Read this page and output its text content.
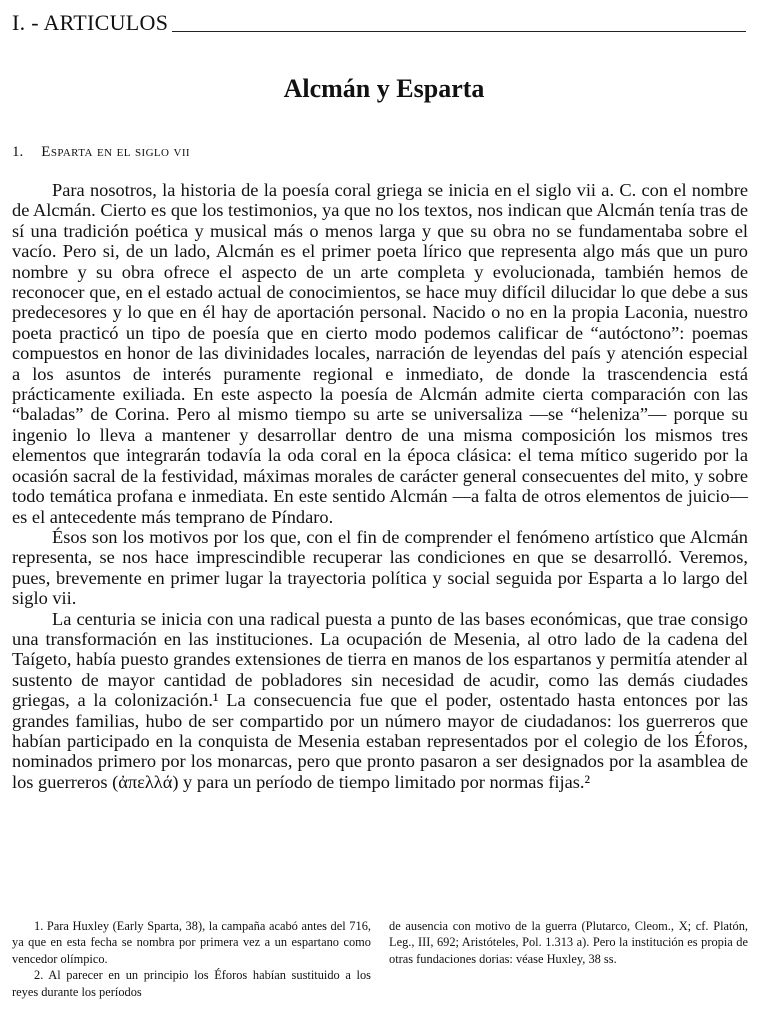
I. - ARTICULOS
Alcmán y Esparta
1. Esparta en el siglo vii

Para nosotros, la historia de la poesía coral griega se inicia en el siglo vii a. C. con el nombre de Alcmán. Cierto es que los testimonios, ya que no los textos, nos indican que Alcmán tenía tras de sí una tradición poética y musical más o menos larga y que su obra no se fundamentaba sobre el vacío. Pero si, de un lado, Alcmán es el primer poeta lírico que representa algo más que un puro nombre y su obra ofrece el aspecto de un arte completa y evolucionada, también hemos de reconocer que, en el estado actual de conocimientos, se hace muy difícil dilucidar lo que debe a sus predecesores y lo que en él hay de aportación personal. Nacido o no en la propia Laconia, nuestro poeta practicó un tipo de poesía que en cierto modo podemos calificar de “autóctono”: poemas compuestos en honor de las divinidades locales, narración de leyendas del país y atención especial a los asuntos de interés puramente regional e inmediato, de donde la trascendencia está prácticamente exiliada. En este aspecto la poesía de Alcmán admite cierta comparación con las “baladas” de Corina. Pero al mismo tiempo su arte se universaliza —se “heleniza”— porque su ingenio lo lleva a mantener y desarrollar dentro de una misma composición los mismos tres elementos que integrarán todavía la oda coral en la época clásica: el tema mítico sugerido por la ocasión sacral de la festividad, máximas morales de carácter general consecuentes del mito, y sobre todo temática profana e inmediata. En este sentido Alcmán —a falta de otros elementos de juicio— es el antecedente más temprano de Píndaro.

Ésos son los motivos por los que, con el fin de comprender el fenómeno artístico que Alcmán representa, se nos hace imprescindible recuperar las condiciones en que se desarrolló. Veremos, pues, brevemente en primer lugar la trayectoria política y social seguida por Esparta a lo largo del siglo vii.

La centuria se inicia con una radical puesta a punto de las bases económicas, que trae consigo una transformación en las instituciones. La ocupación de Mesenia, al otro lado de la cadena del Taígeto, había puesto grandes extensiones de tierra en manos de los espartanos y permitía atender al sustento de mayor cantidad de pobladores sin necesidad de acudir, como las demás ciudades griegas, a la colonización.¹ La consecuencia fue que el poder, ostentado hasta entonces por las grandes familias, hubo de ser compartido por un número mayor de ciudadanos: los guerreros que habían participado en la conquista de Mesenia estaban representados por el colegio de los Éforos, nominados primero por los monarcas, pero que pronto pasaron a ser designados por la asamblea de los guerreros (ἀπελλά) y para un período de tiempo limitado por normas fijas.²

1. Para Huxley (Early Sparta, 38), la campaña acabó antes del 716, ya que en esta fecha se nombra por primera vez a un espartano como vencedor olímpico.

2. Al parecer en un principio los Éforos habían sustituido a los reyes durante los períodos

de ausencia con motivo de la guerra (Plutarco, Cleom., X; cf. Platón, Leg., III, 692; Aristóteles, Pol. 1.313 a). Pero la institución es propia de otras fundaciones dorias: véase Huxley, 38 ss.
